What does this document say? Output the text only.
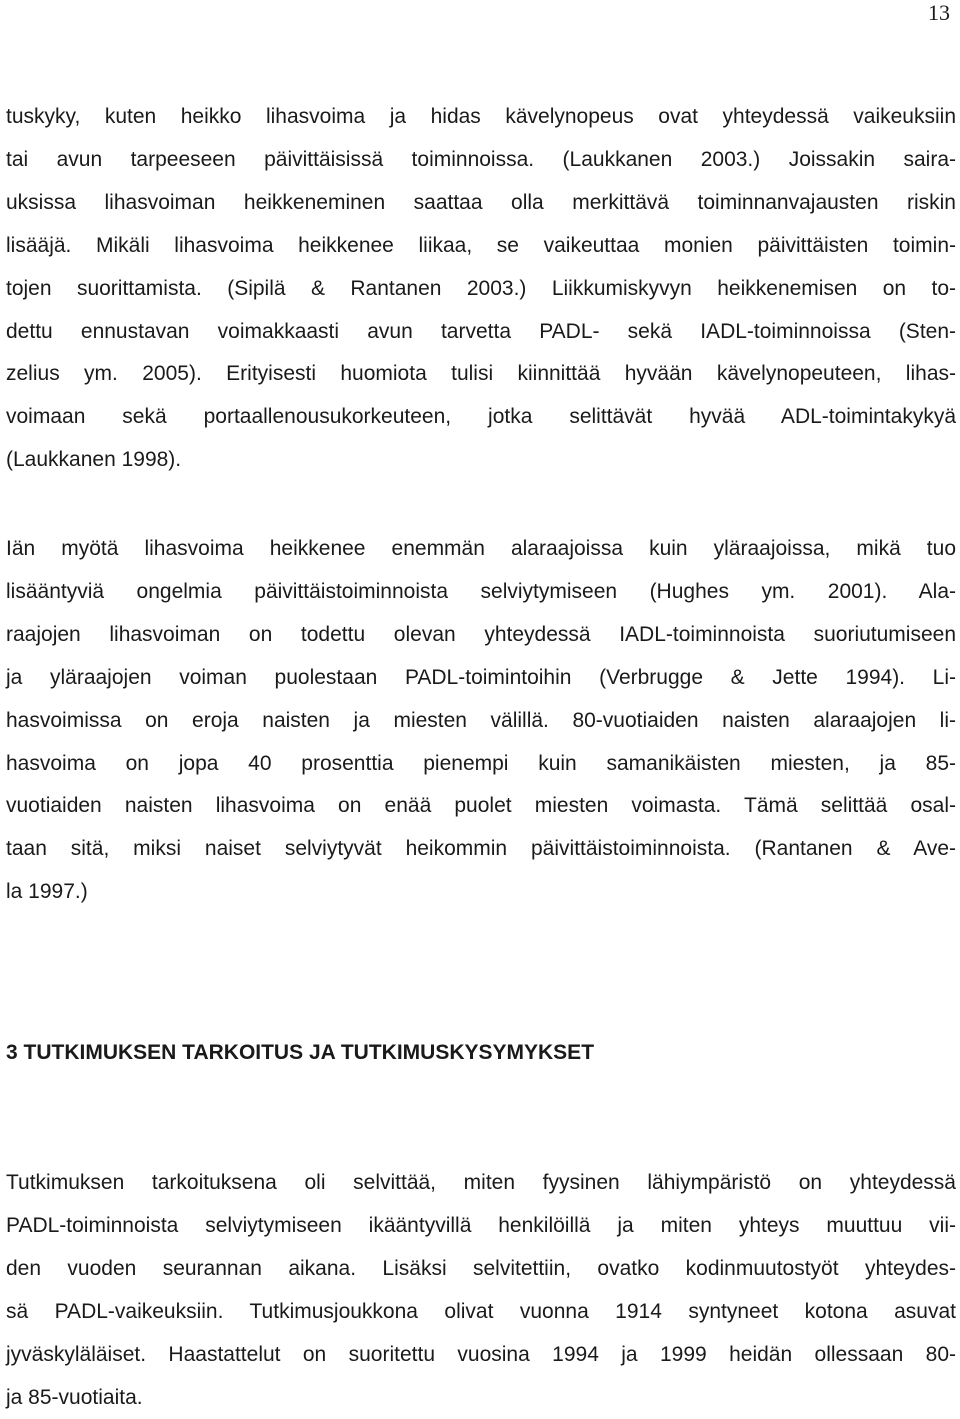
13
tuskyky, kuten heikko lihasvoima ja hidas kävelynopeus ovat yhteydessä vaikeuksiin
tai avun tarpeeseen päivittäisissä toiminnoissa. (Laukkanen 2003.) Joissakin saira-
uksissa lihasvoiman heikkeneminen saattaa olla merkittävä toiminnanvajausten riskin
lisääjä. Mikäli lihasvoima heikkenee liikaa, se vaikeuttaa monien päivittäisten toimin-
tojen suorittamista. (Sipilä & Rantanen 2003.) Liikkumiskyvyn heikkenemisen on to-
dettu ennustavan voimakkaasti avun tarvetta PADL- sekä IADL-toiminnoissa (Sten-
zelius ym. 2005). Erityisesti huomiota tulisi kiinnittää hyvään kävelynopeuteen, lihas-
voimaan sekä portaallenousukorkeuteen, jotka selittävät hyvää ADL-toimintakykyä
(Laukkanen 1998).
Iän myötä lihasvoima heikkenee enemmän alaraajoissa kuin yläraajoissa, mikä tuo
lisääntyviä ongelmia päivittäistoiminnoista selviytymiseen (Hughes ym. 2001). Ala-
raajojen lihasvoiman on todettu olevan yhteydessä IADL-toiminnoista suoriutumiseen
ja yläraajojen voiman puolestaan PADL-toimintoihin (Verbrugge & Jette 1994). Li-
hasvoimissa on eroja naisten ja miesten välillä. 80-vuotiaiden naisten alaraajojen li-
hasvoima on jopa 40 prosenttia pienempi kuin samanikäisten miesten, ja 85-
vuotiaiden naisten lihasvoima on enää puolet miesten voimasta. Tämä selittää osal-
taan sitä, miksi naiset selviytyvät heikommin päivittäistoiminnoista. (Rantanen & Ave-
la 1997.)
3 TUTKIMUKSEN TARKOITUS JA TUTKIMUSKYSYMYKSET
Tutkimuksen tarkoituksena oli selvittää, miten fyysinen lähiympäristö on yhteydessä
PADL-toiminnoista selviytymiseen ikääntyvillä henkilöillä ja miten yhteys muuttuu vii-
den vuoden seurannan aikana. Lisäksi selvitettiin, ovatko kodinmuutostyöt yhteydes-
sä PADL-vaikeuksiin. Tutkimusjoukkona olivat vuonna 1914 syntyneet kotona asuvat
jyväskyläläiset. Haastattelut on suoritettu vuosina 1994 ja 1999 heidän ollessaan 80-
ja 85-vuotiaita.
